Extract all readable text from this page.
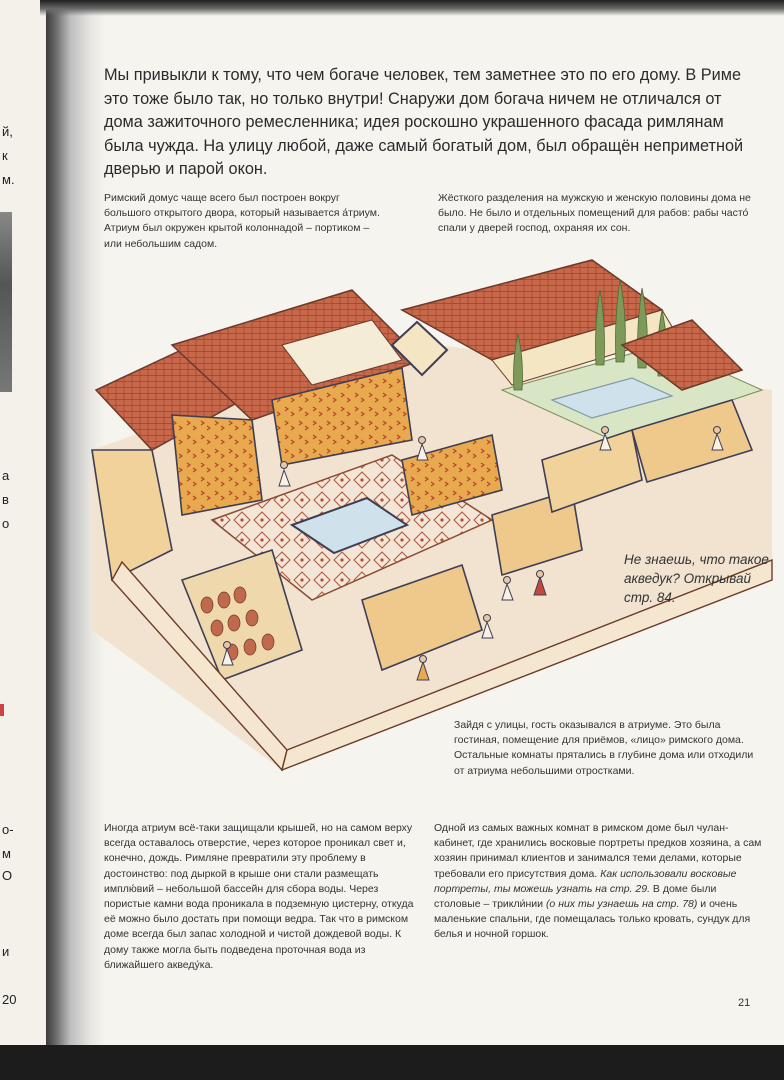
й,
к
м.
а
в
о
о-
м
О
и
20

Мы привыкли к тому, что чем богаче человек, тем заметнее это по его дому. В Риме это тоже было так, но только внутри! Снаружи дом богача ничем не отличался от дома зажиточного ремесленника; идея роскошно украшенного фасада римлянам была чужда. На улицу любой, даже самый богатый дом, был обращён неприметной дверью и парой окон.

Римский домус чаще всего был построен вокруг большого открытого двора, который называется а́триум. Атриум был окружен крытой колоннадой – портиком – или небольшим садом.

Жёсткого разделения на мужскую и женскую половины дома не было. Не было и отдельных помещений для рабов: рабы часто́ спали у дверей господ, охраняя их сон.

Не знаешь, что такое акведук? Открывай стр. 84.

Зайдя с улицы, гость оказывался в атриуме. Это была гостиная, помещение для приёмов, «лицо» римского дома. Остальные комнаты прятались в глубине дома или отходили от атриума небольшими отростками.

Иногда атриум всё-таки защищали крышей, но на самом верху всегда оставалось отверстие, через которое проникал свет и, конечно, дождь. Римляне превратили эту проблему в достоинство: под дыркой в крыше они стали размещать имплю́вий – небольшой бассейн для сбора воды. Через пористые камни вода проникала в подземную цистерну, откуда её можно было достать при помощи ведра. Так что в римском доме всегда был запас холодной и чистой дождевой воды. К дому также могла быть подведена проточная вода из ближайшего акведу́ка.

Одной из самых важных комнат в римском доме был чулан-кабинет, где хранились восковые портреты предков хозяина, а сам хозяин принимал клиентов и занимался теми делами, которые требовали его присутствия дома. Как использовали восковые портреты, ты можешь узнать на стр. 29. В доме были столовые – трикли́нии (о них ты узнаешь на стр. 78) и очень маленькие спальни, где помещалась только кровать, сундук для белья и ночной горшок.

21
